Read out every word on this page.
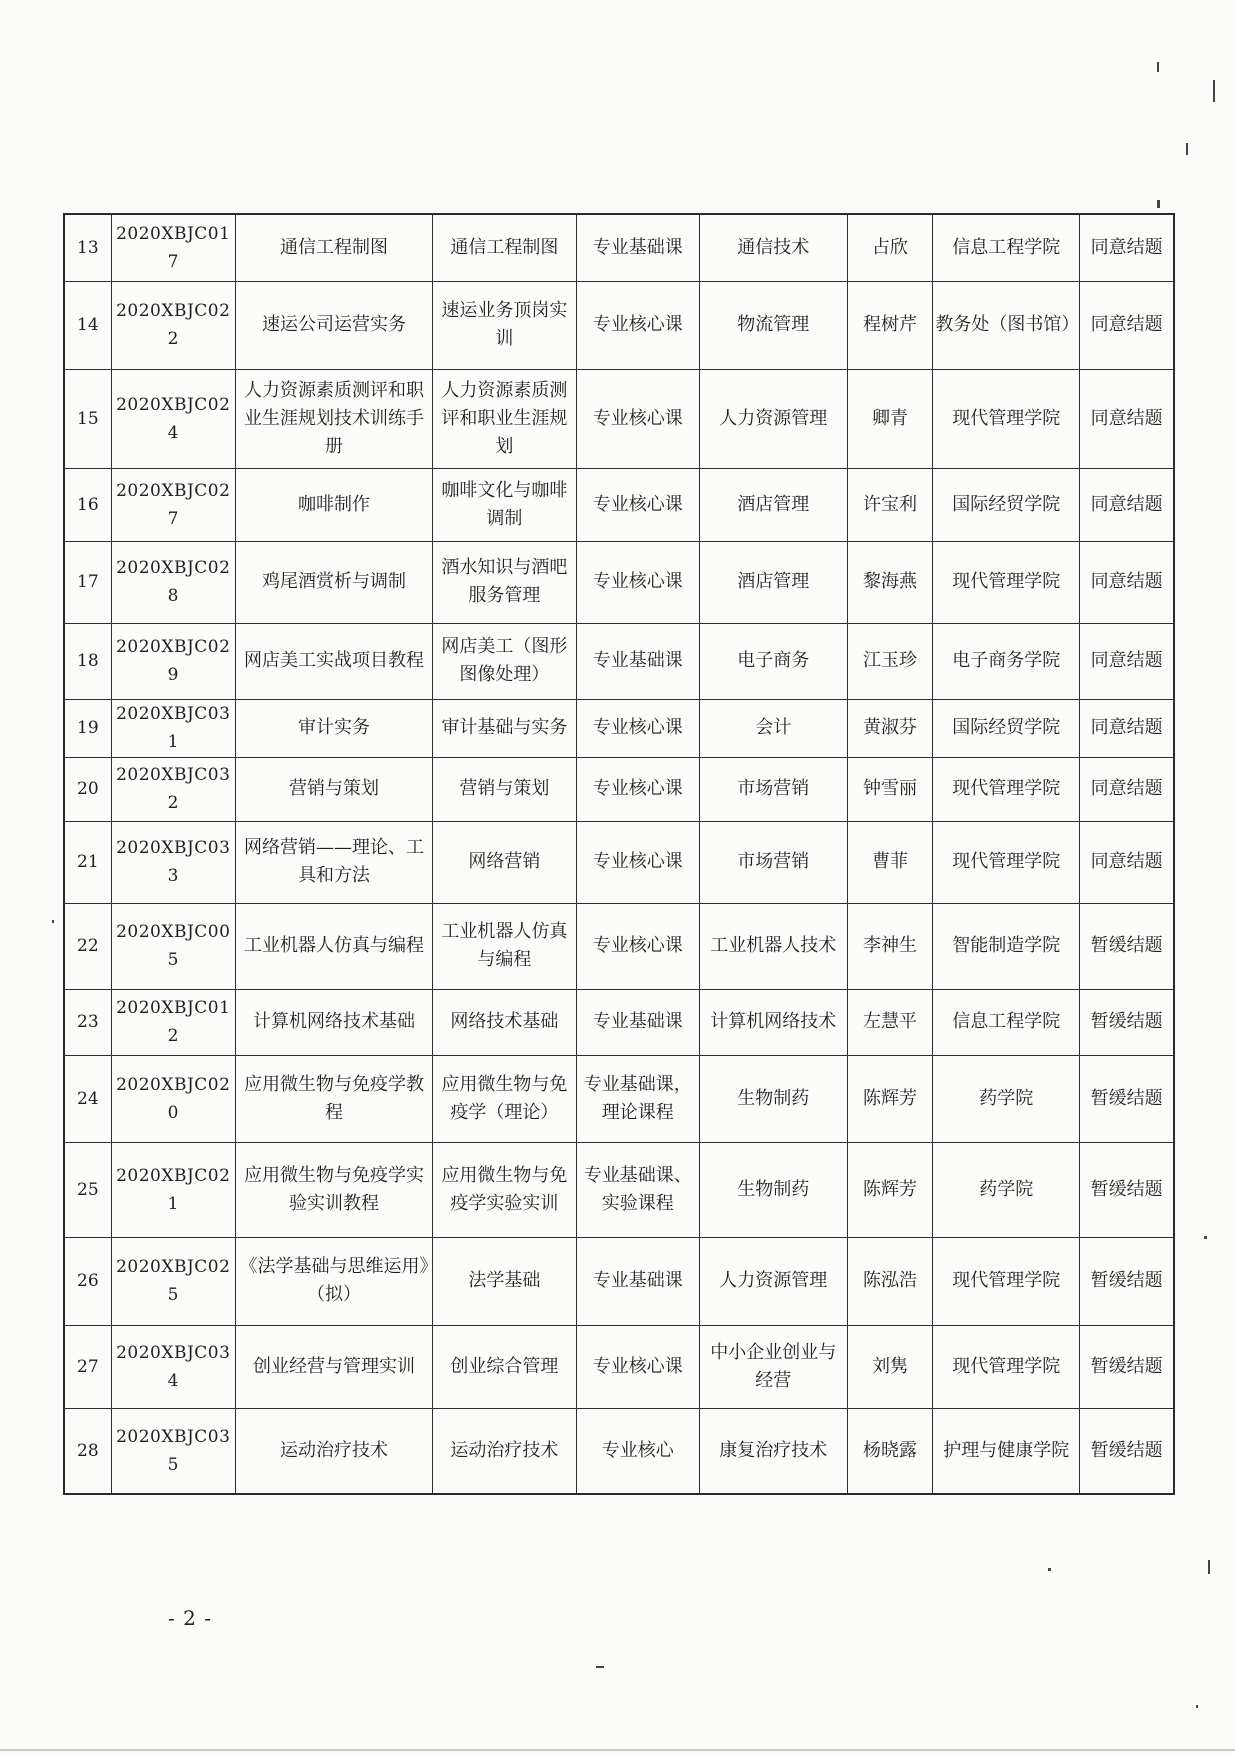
13	2020XBJC017	通信工程制图	通信工程制图	专业基础课	通信技术	占欣	信息工程学院	同意结题
14	2020XBJC022	速运公司运营实务	速运业务顶岗实训	专业核心课	物流管理	程树芹	教务处（图书馆）	同意结题
15	2020XBJC024	人力资源素质测评和职业生涯规划技术训练手册	人力资源素质测评和职业生涯规划	专业核心课	人力资源管理	卿青	现代管理学院	同意结题
16	2020XBJC027	咖啡制作	咖啡文化与咖啡调制	专业核心课	酒店管理	许宝利	国际经贸学院	同意结题
17	2020XBJC028	鸡尾酒赏析与调制	酒水知识与酒吧服务管理	专业核心课	酒店管理	黎海燕	现代管理学院	同意结题
18	2020XBJC029	网店美工实战项目教程	网店美工（图形图像处理）	专业基础课	电子商务	江玉珍	电子商务学院	同意结题
19	2020XBJC031	审计实务	审计基础与实务	专业核心课	会计	黄淑芬	国际经贸学院	同意结题
20	2020XBJC032	营销与策划	营销与策划	专业核心课	市场营销	钟雪丽	现代管理学院	同意结题
21	2020XBJC033	网络营销——理论、工具和方法	网络营销	专业核心课	市场营销	曹菲	现代管理学院	同意结题
22	2020XBJC005	工业机器人仿真与编程	工业机器人仿真与编程	专业核心课	工业机器人技术	李神生	智能制造学院	暂缓结题
23	2020XBJC012	计算机网络技术基础	网络技术基础	专业基础课	计算机网络技术	左慧平	信息工程学院	暂缓结题
24	2020XBJC020	应用微生物与免疫学教程	应用微生物与免疫学（理论）	专业基础课，理论课程	生物制药	陈辉芳	药学院	暂缓结题
25	2020XBJC021	应用微生物与免疫学实验实训教程	应用微生物与免疫学实验实训	专业基础课、实验课程	生物制药	陈辉芳	药学院	暂缓结题
26	2020XBJC025	《法学基础与思维运用》（拟）	法学基础	专业基础课	人力资源管理	陈泓浩	现代管理学院	暂缓结题
27	2020XBJC034	创业经营与管理实训	创业综合管理	专业核心课	中小企业创业与经营	刘隽	现代管理学院	暂缓结题
28	2020XBJC035	运动治疗技术	运动治疗技术	专业核心	康复治疗技术	杨晓露	护理与健康学院	暂缓结题
- 2 -
